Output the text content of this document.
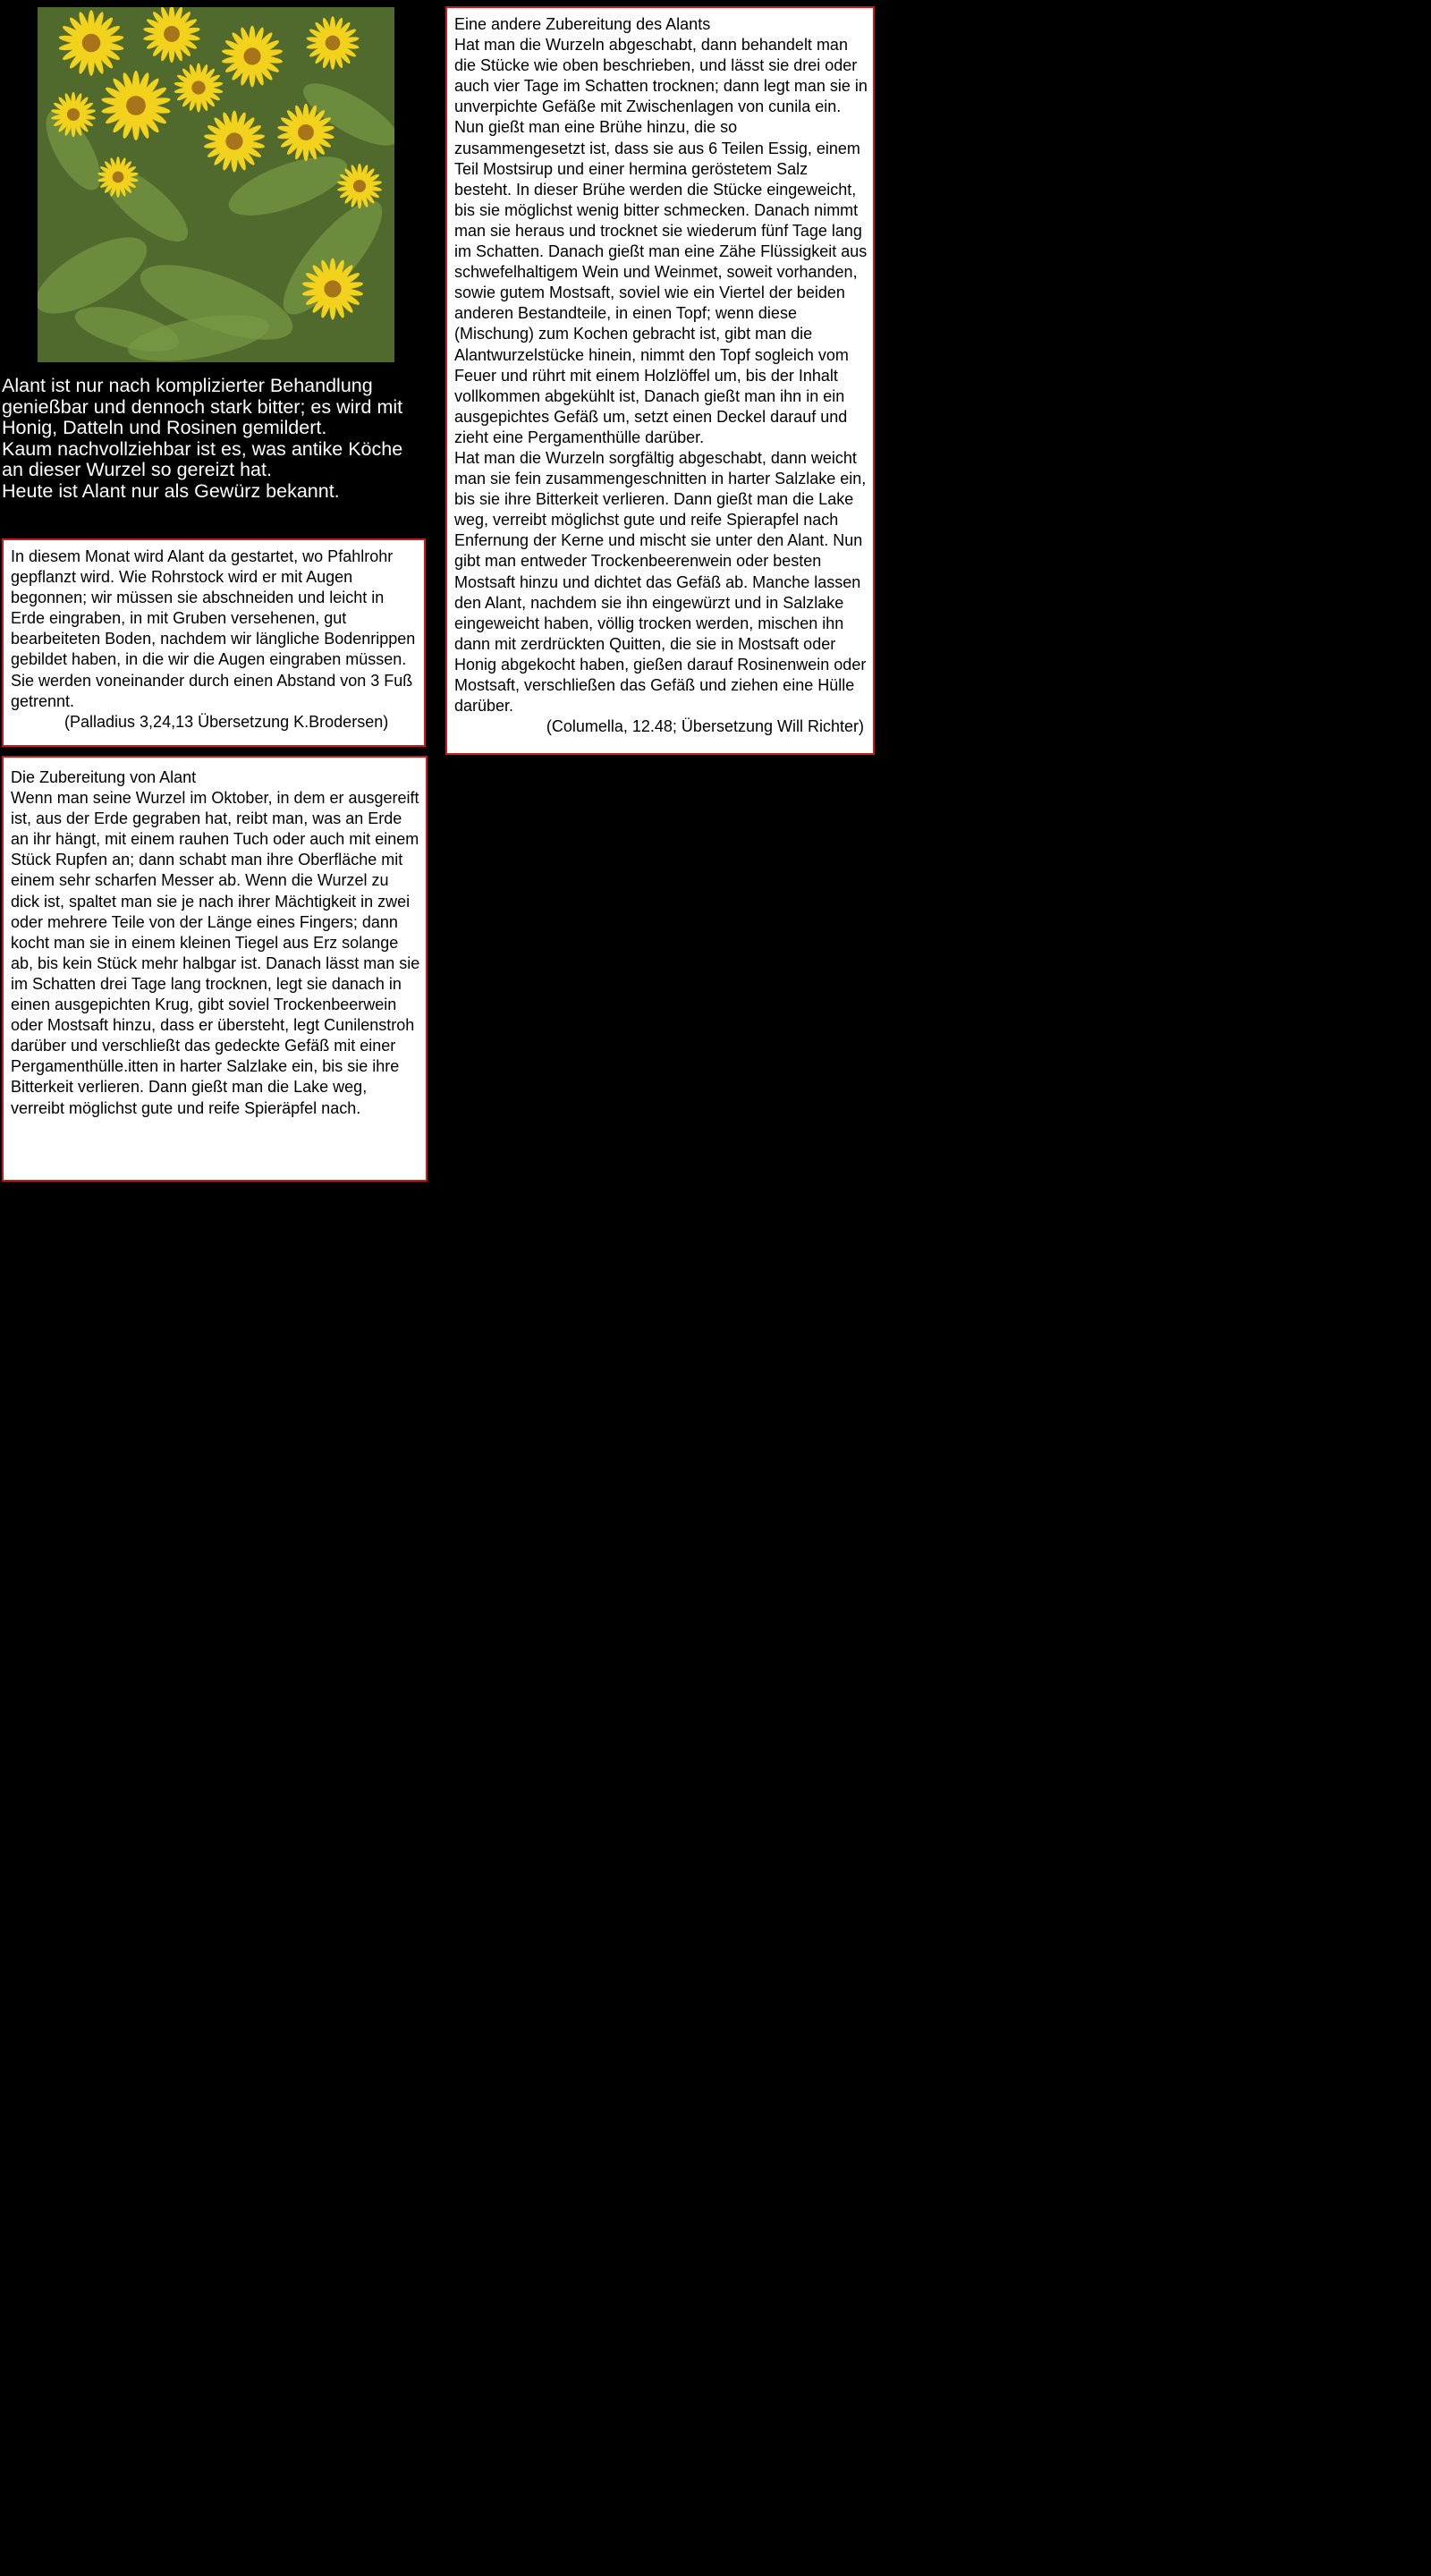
Alant ist nur nach komplizierter Behandlung

genießbar und dennoch stark bitter; es wird mit

Honig, Datteln und Rosinen gemildert.

Kaum nachvollziehbar ist es, was antike Köche

an dieser Wurzel so gereizt hat.

Heute ist Alant nur als Gewürz bekannt.

In diesem Monat wird Alant da gestartet, wo Pfahlrohr gepflanzt wird. Wie Rohrstock wird er mit Augen begonnen; wir müssen sie abschneiden und leicht in Erde eingraben, in mit Gruben versehenen, gut bearbeiteten Boden, nachdem wir längliche Bodenrippen gebildet haben, in die wir die Augen eingraben müssen. Sie werden voneinander durch einen Abstand von 3 Fuß getrennt.

(Palladius 3,24,13 Übersetzung K.Brodersen)

Die Zubereitung von Alant

Wenn man seine Wurzel im Oktober, in dem er ausgereift ist, aus der Erde gegraben hat, reibt man, was an Erde an ihr hängt, mit einem rauhen Tuch oder auch mit einem Stück Rupfen an; dann schabt man ihre Oberfläche mit einem sehr scharfen Messer ab. Wenn die Wurzel zu dick ist, spaltet man sie je nach ihrer Mächtigkeit in zwei oder mehrere Teile von der Länge eines Fingers; dann kocht man sie in einem kleinen Tiegel aus Erz solange ab, bis kein Stück mehr halbgar ist. Danach lässt man sie im Schatten drei Tage lang trocknen, legt sie danach in einen ausgepichten Krug, gibt soviel Trockenbeerwein oder Mostsaft hinzu, dass er übersteht, legt Cunilenstroh darüber und verschließt das gedeckte Gefäß mit einer Pergamenthülle.itten in harter Salzlake ein, bis sie ihre Bitterkeit verlieren. Dann gießt man die Lake weg, verreibt möglichst gute und reife Spieräpfel nach.

Eine andere Zubereitung des Alants

Hat man die Wurzeln abgeschabt, dann behandelt man die Stücke wie oben beschrieben, und lässt sie drei oder auch vier Tage im Schatten trocknen; dann legt man sie in unverpichte Gefäße mit Zwischenlagen von cunila ein. Nun gießt man eine Brühe hinzu, die so zusammengesetzt ist, dass sie aus 6 Teilen Essig, einem Teil Mostsirup und einer hermina geröstetem Salz besteht. In dieser Brühe werden die Stücke eingeweicht, bis sie möglichst wenig bitter schmecken. Danach nimmt man sie heraus und trocknet sie wiederum fünf Tage lang im Schatten. Danach gießt man eine Zähe Flüssigkeit aus schwefelhaltigem Wein und Weinmet, soweit vorhanden, sowie gutem Mostsaft, soviel wie ein Viertel der beiden anderen Bestandteile, in einen Topf; wenn diese (Mischung) zum Kochen gebracht ist, gibt man die Alantwurzelstücke hinein, nimmt den Topf sogleich vom Feuer und rührt mit einem Holzlöffel um, bis der Inhalt vollkommen abgekühlt ist, Danach gießt man ihn in ein ausgepichtes Gefäß um, setzt einen Deckel darauf und zieht eine Pergamenthülle darüber.

Hat man die Wurzeln sorgfältig abgeschabt, dann weicht man sie fein zusammengeschnitten in harter Salzlake ein, bis sie ihre Bitterkeit verlieren. Dann gießt man die Lake weg, verreibt möglichst gute und reife Spierapfel nach Enfernung der Kerne und mischt sie unter den Alant. Nun gibt man entweder Trockenbeerenwein oder besten Mostsaft hinzu und dichtet das Gefäß ab. Manche lassen den Alant, nachdem sie ihn eingewürzt und in Salzlake eingeweicht haben, völlig trocken werden, mischen ihn dann mit zerdrückten Quitten, die sie in Mostsaft oder Honig abgekocht haben, gießen darauf Rosinenwein oder Mostsaft, verschließen das Gefäß und ziehen eine Hülle darüber.

(Columella, 12.48; Übersetzung Will Richter)
